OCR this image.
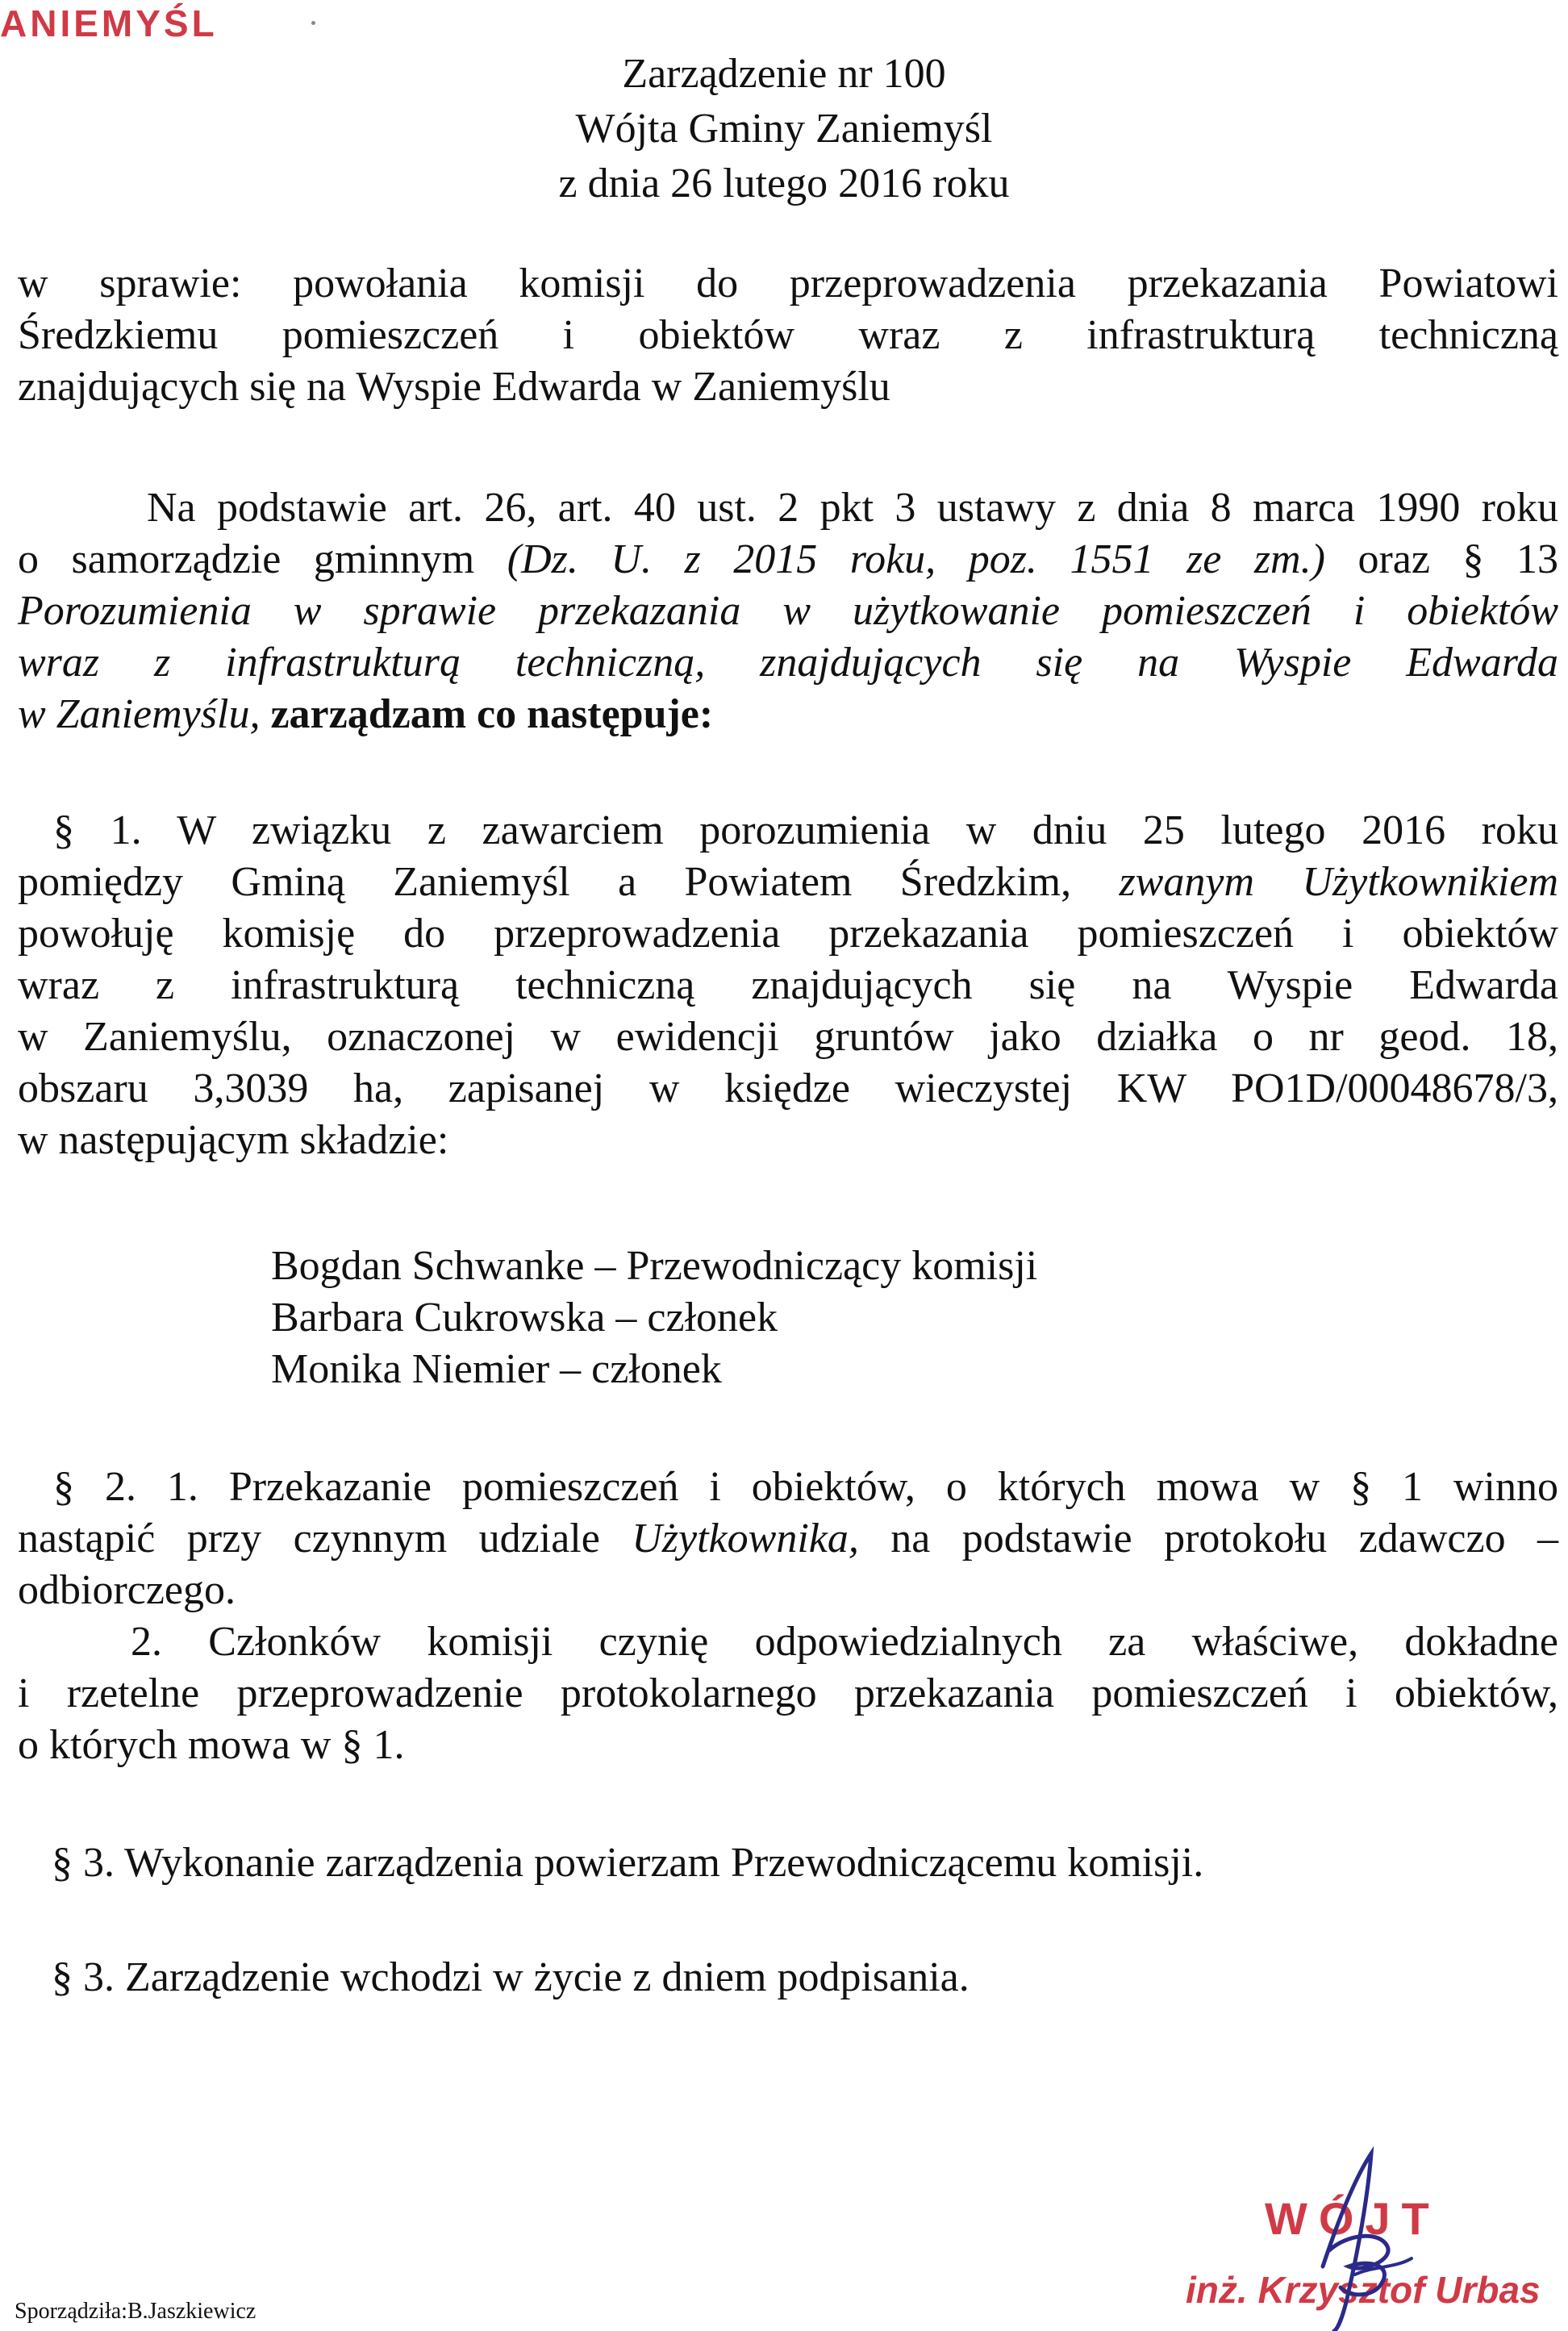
ANIEMYŚL
Zarządzenie nr 100
Wójta Gminy Zaniemyśl
z dnia 26 lutego 2016 roku
w sprawie: powołania komisji do przeprowadzenia przekazania Powiatowi
Średzkiemu pomieszczeń i obiektów wraz z infrastrukturą techniczną
znajdujących się na Wyspie Edwarda w Zaniemyślu
Na podstawie art. 26, art. 40 ust. 2 pkt 3 ustawy z dnia 8 marca 1990 roku
o samorządzie gminnym (Dz. U. z 2015 roku, poz. 1551 ze zm.) oraz § 13
Porozumienia w sprawie przekazania w użytkowanie pomieszczeń i obiektów
wraz z infrastrukturą techniczną, znajdujących się na Wyspie Edwarda
w Zaniemyślu, zarządzam co następuje:
§ 1. W związku z zawarciem porozumienia w dniu 25 lutego 2016 roku
pomiędzy Gminą Zaniemyśl a Powiatem Średzkim, zwanym Użytkownikiem
powołuję komisję do przeprowadzenia przekazania pomieszczeń i obiektów
wraz z infrastrukturą techniczną znajdujących się na Wyspie Edwarda
w Zaniemyślu, oznaczonej w ewidencji gruntów jako działka o nr geod. 18,
obszaru 3,3039 ha, zapisanej w księdze wieczystej KW PO1D/00048678/3,
w następującym składzie:
Bogdan Schwanke – Przewodniczący komisji
Barbara Cukrowska – członek
Monika Niemier – członek
§ 2. 1. Przekazanie pomieszczeń i obiektów, o których mowa w § 1 winno
nastąpić przy czynnym udziale Użytkownika, na podstawie protokołu zdawczo –
odbiorczego.
2. Członków komisji czynię odpowiedzialnych za właściwe, dokładne
i rzetelne przeprowadzenie protokolarnego przekazania pomieszczeń i obiektów,
o których mowa w § 1.
§ 3. Wykonanie zarządzenia powierzam Przewodniczącemu komisji.
§ 3. Zarządzenie wchodzi w życie z dniem podpisania.
WÓJT
inż. Krzysztof Urbas
Sporządziła:B.Jaszkiewicz
